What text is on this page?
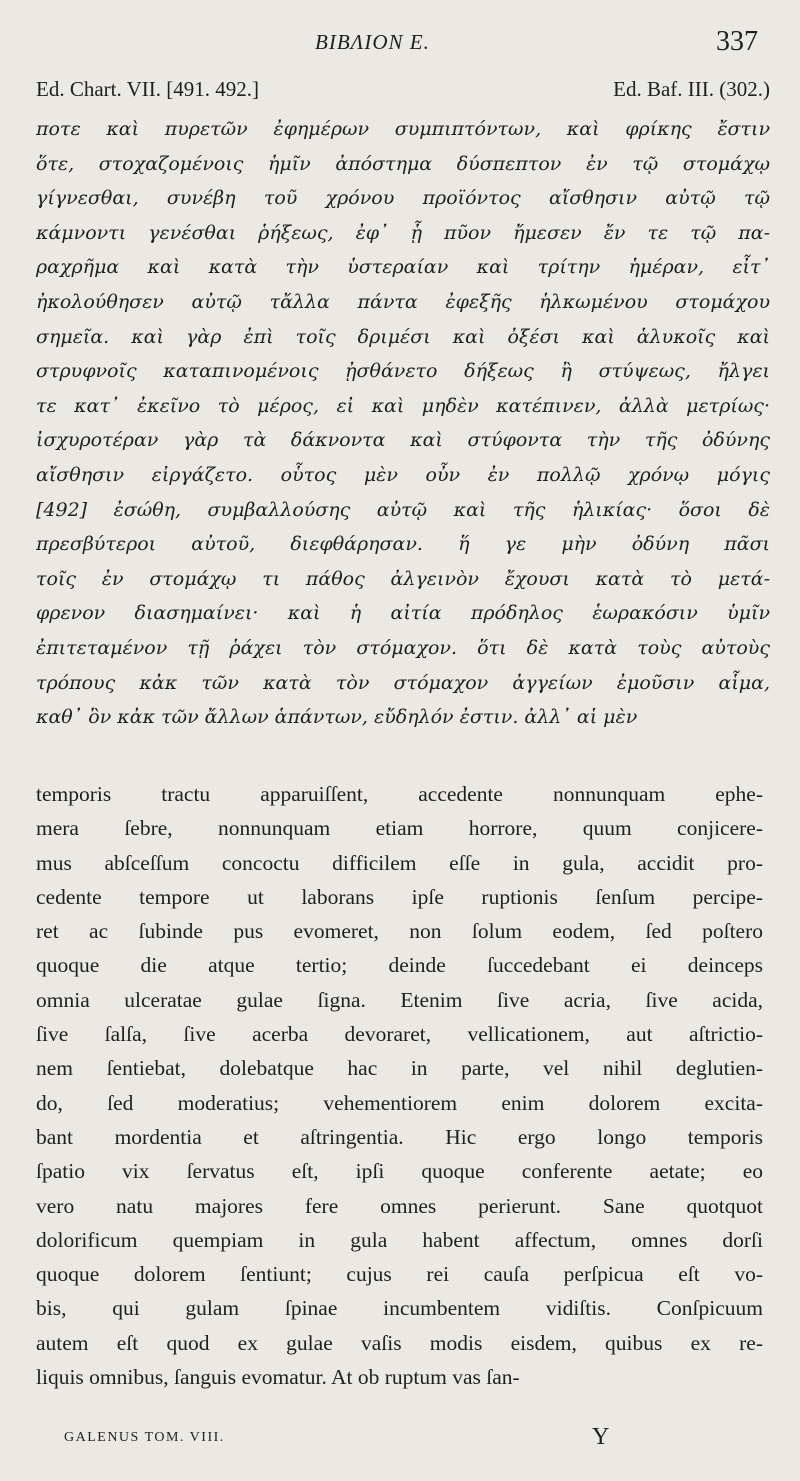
BIBΛION E.	337
Ed. Chart. VII. [491. 492.]	Ed. Baf. III. (302.)
ποτε καὶ πυρετῶν ἐφημέρων συμπιπτόντων, καὶ φρίκης ἔστιν
ὅτε, στοχαζομένοις ἡμῖν ἀπόστημα δύσπεπτον ἐν τῷ στομάχῳ
γίγνεσθαι, συνέβη τοῦ χρόνου προϊόντος αἴσθησιν αὐτῷ τῷ
κάμνοντι γενέσθαι ῥήξεως, ἐφ᾽ ᾗ πῦον ἤμεσεν ἔν τε τῷ πα-
ραχρῆμα καὶ κατὰ τὴν ὑστεραίαν καὶ τρίτην ἡμέραν, εἶτ᾽
ἠκολούθησεν αὐτῷ τἄλλα πάντα ἐφεξῆς ἡλκωμένου στομάχου
σημεῖα. καὶ γὰρ ἐπὶ τοῖς δριμέσι καὶ ὀξέσι καὶ ἁλυκοῖς καὶ
στρυφνοῖς καταπινομένοις ᾐσθάνετο δήξεως ἢ στύψεως, ἤλγει
τε κατ᾽ ἐκεῖνο τὸ μέρος, εἰ καὶ μηδὲν κατέπινεν, ἀλλὰ μετρίως·
ἰσχυροτέραν γὰρ τὰ δάκνοντα καὶ στύφοντα τὴν τῆς ὀδύνης
αἴσθησιν εἰργάζετο. οὗτος μὲν οὖν ἐν πολλῷ χρόνῳ μόγις
[492] ἐσώθη, συμβαλλούσης αὐτῷ καὶ τῆς ἡλικίας· ὅσοι δὲ
πρεσβύτεροι αὐτοῦ, διεφθάρησαν. ἥ γε μὴν ὀδύνη πᾶσι
τοῖς ἐν στομάχῳ τι πάθος ἀλγεινὸν ἔχουσι κατὰ τὸ μετά-
φρενον διασημαίνει· καὶ ἡ αἰτία πρόδηλος ἑωρακόσιν ὑμῖν
ἐπιτεταμένον τῇ ῥάχει τὸν στόμαχον. ὅτι δὲ κατὰ τοὺς αὐτοὺς
τρόπους κἀκ τῶν κατὰ τὸν στόμαχον ἀγγείων ἐμοῦσιν αἷμα,
καθ᾽ ὃν κἀκ τῶν ἄλλων ἁπάντων, εὔδηλόν ἐστιν. ἀλλ᾽ αἱ μὲν
temporis tractu apparuiſſent, accedente nonnunquam ephe-
mera ſebre, nonnunquam etiam horrore, quum conjicere-
mus abſceſſum concoctu difficilem eſſe in gula, accidit pro-
cedente tempore ut laborans ipſe ruptionis ſenſum percipe-
ret ac ſubinde pus evomeret, non ſolum eodem, ſed poſtero
quoque die atque tertio; deinde ſuccedebant ei deinceps
omnia ulceratae gulae ſigna. Etenim ſive acria, ſive acida,
ſive ſalſa, ſive acerba devoraret, vellicationem, aut aſtrictio-
nem ſentiebat, dolebatque hac in parte, vel nihil deglutien-
do, ſed moderatius; vehementiorem enim dolorem excita-
bant mordentia et aſtringentia. Hic ergo longo temporis
ſpatio vix ſervatus eſt, ipſi quoque conferente aetate; eo
vero natu majores fere omnes perierunt. Sane quotquot
dolorificum quempiam in gula habent affectum, omnes dorſi
quoque dolorem ſentiunt; cujus rei cauſa perſpicua eſt vo-
bis, qui gulam ſpinae incumbentem vidiſtis. Conſpicuum
autem eſt quod ex gulae vaſis modis eisdem, quibus ex re-
liquis omnibus, ſanguis evomatur. At ob ruptum vas ſan-
GALENUS TOM. VIII.	Y
